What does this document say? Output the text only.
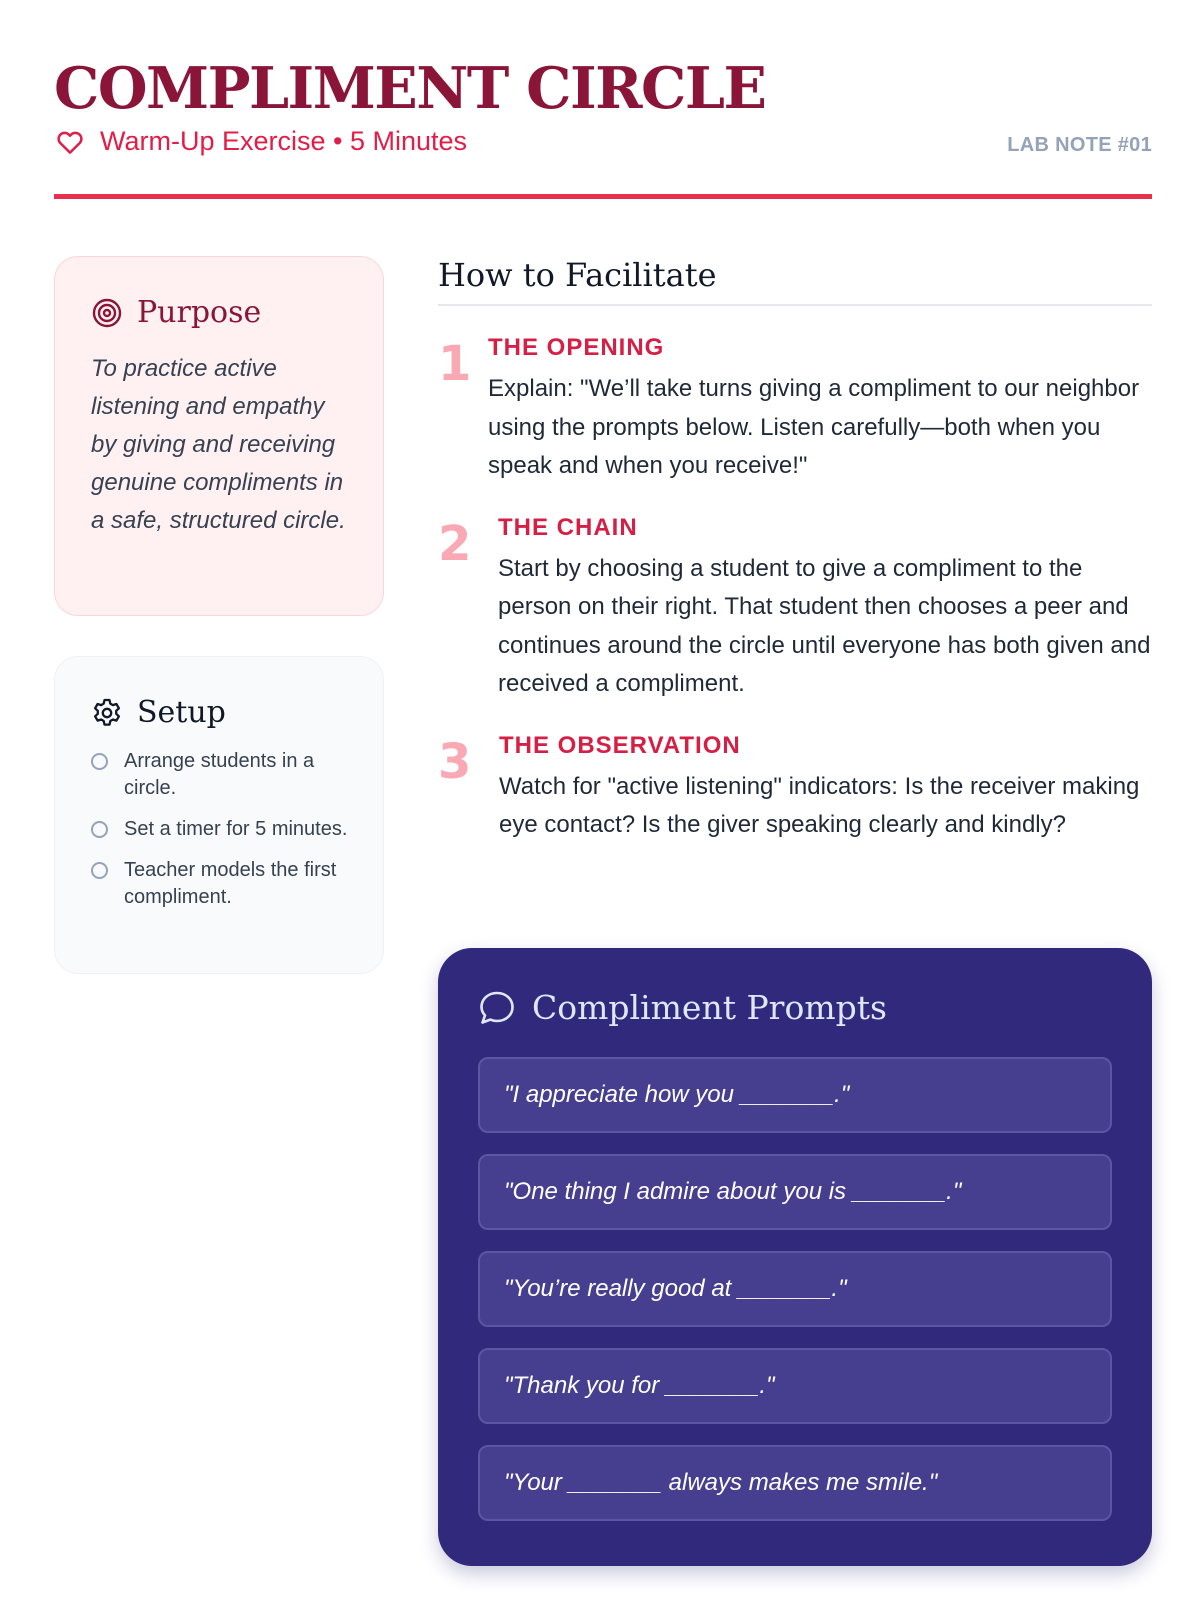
COMPLIMENT CIRCLE
Warm-Up Exercise • 5 Minutes	LAB NOTE #01
Purpose
To practice active listening and empathy by giving and receiving genuine compliments in a safe, structured circle.
Setup
Arrange students in a circle.
Set a timer for 5 minutes.
Teacher models the first compliment.
How to Facilitate
1 THE OPENING
Explain: "We’ll take turns giving a compliment to our neighbor using the prompts below. Listen carefully—both when you speak and when you receive!"
2	THE CHAIN
Start by choosing a student to give a compliment to the person on their right. That student then chooses a peer and continues around the circle until everyone has both given and received a compliment.
3	THE OBSERVATION
Watch for "active listening" indicators: Is the receiver making eye contact? Is the giver speaking clearly and kindly?
Compliment Prompts
"I appreciate how you _______."
"One thing I admire about you is _______."
"You’re really good at _______."
"Thank you for _______."
"Your _______ always makes me smile."
